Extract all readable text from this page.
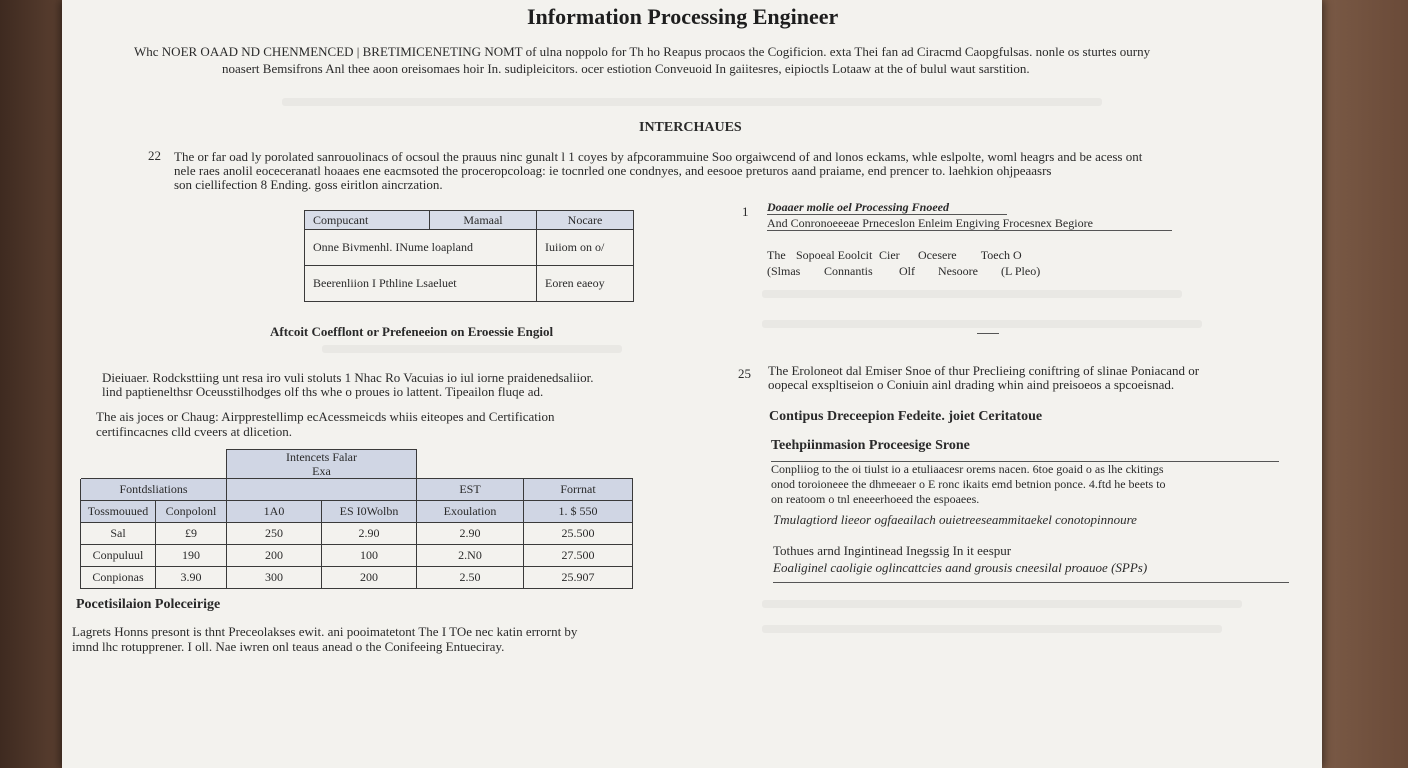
Information Processing Engineer
Whc NOER OAAD ND CHENMENCED | BRETIMICENETING NOMT of ulna noppolo for Th ho Reapus procaos the Cogificion. exta Thei fan ad Ciracmd Caopgfulsas. nonle os sturtes ourny
noasert Bemsifrons Anl thee aoon oreisomaes hoir In. sudipleicitors. ocer estiotion Conveuoid In gaiitesres, eipioctls Lotaaw at the of bulul waut sarstition.
INTERCHAUES
22 The or far oad ly porolated sanrouolinacs of ocsoul the prauus ninc gunalt l 1 coyes by afpcorammuine Soo orgaiwcend of and lonos eckams, whle eslpolte, woml heagrs and be acess ont
nele raes anolil eoceceranatl hoaaes ene eacmsoted the proceropcoloag: ie tocnrled one condnyes, and eesooe preturos aand praiame, end prencer to. laehkion ohjpeaasrs
son ciellifection 8 Ending. goss eiritlon aincrzation.
Compucant	Mamaal	Nocare
Onne Bivmenhl. INume loapland		Iuiiom on o/
Beerenliion I Pthline Lsaeluet		Eoren eaeoy
Aftcoit Coefflont or Prefeneeion on Eroessie Engiol
Dieiuaer. Rodcksttiing unt resa iro vuli stoluts 1 Nhac Ro Vacuias io iul iorne praidenedsaliior.
lind paptienelthsr Oceusstilhodges olf ths whe o proues io lattent. Tipeailon fluqe ad.
The ais joces or Chaug: Airpprestellimp ecAcessmeicds whiis eiteopes and Certification
certifincacnes clld cveers at dlicetion.
		Intencets Falar
Exa			
Fontdsliations				EST	Forrnat
Tossmouued	Conpolonl	1A0	ES I0Wolbn	Exoulation	1. $ 550
Sal	£9	250	2.90	2.90	25.500
Conpuluul	190	200	100	2.N0	27.500
Conpionas	3.90	300	200	2.50	25.907
Pocetisilaion Poleceirige
Lagrets Honns presont is thnt Preceolakses ewit. ani pooimatetont The I TOe nec katin errornt by
imnd lhc rotupprener. I oll. Nae iwren onl teaus anead o the Conifeeing Entueciray.
1 Doaaer molie oel Processing Fnoeed
And Conronoeeeae Prneceslon Enleim Engiving Frocesnex Begiore
The Sopoeal Eoolcit Cier Ocesere Toech O
(Slmas Connantis Olf Nesoore (L Pleo)
25 The Eroloneot dal Emiser Snoe of thur Preclieing coniftring of slinae Poniacand or
oopecal exspltiseion o Coniuin ainl drading whin aind preisoeos a spcoeisnad.
Contipus Dreceepion Fedeite. joiet Ceritatoue
Teehpiinmasion Proceesige Srone
Conpliiog to the oi tiulst io a etuliaacesr orems nacen. 6toe goaid o as lhe ckitings
onod toroioneee the dhmeeaer o E ronc ikaits emd betnion ponce. 4.ftd he beets to
on reatoom o tnl eneeerhoeed the espoaees.
Tmulagtiord lieeor ogfaeailach ouietreeseammitaekel conotopinnoure
Tothues arnd Ingintinead Inegssig In it eespur
Eoaliginel caoligie oglincattcies aand grousis cneesilal proauoe (SPPs)
